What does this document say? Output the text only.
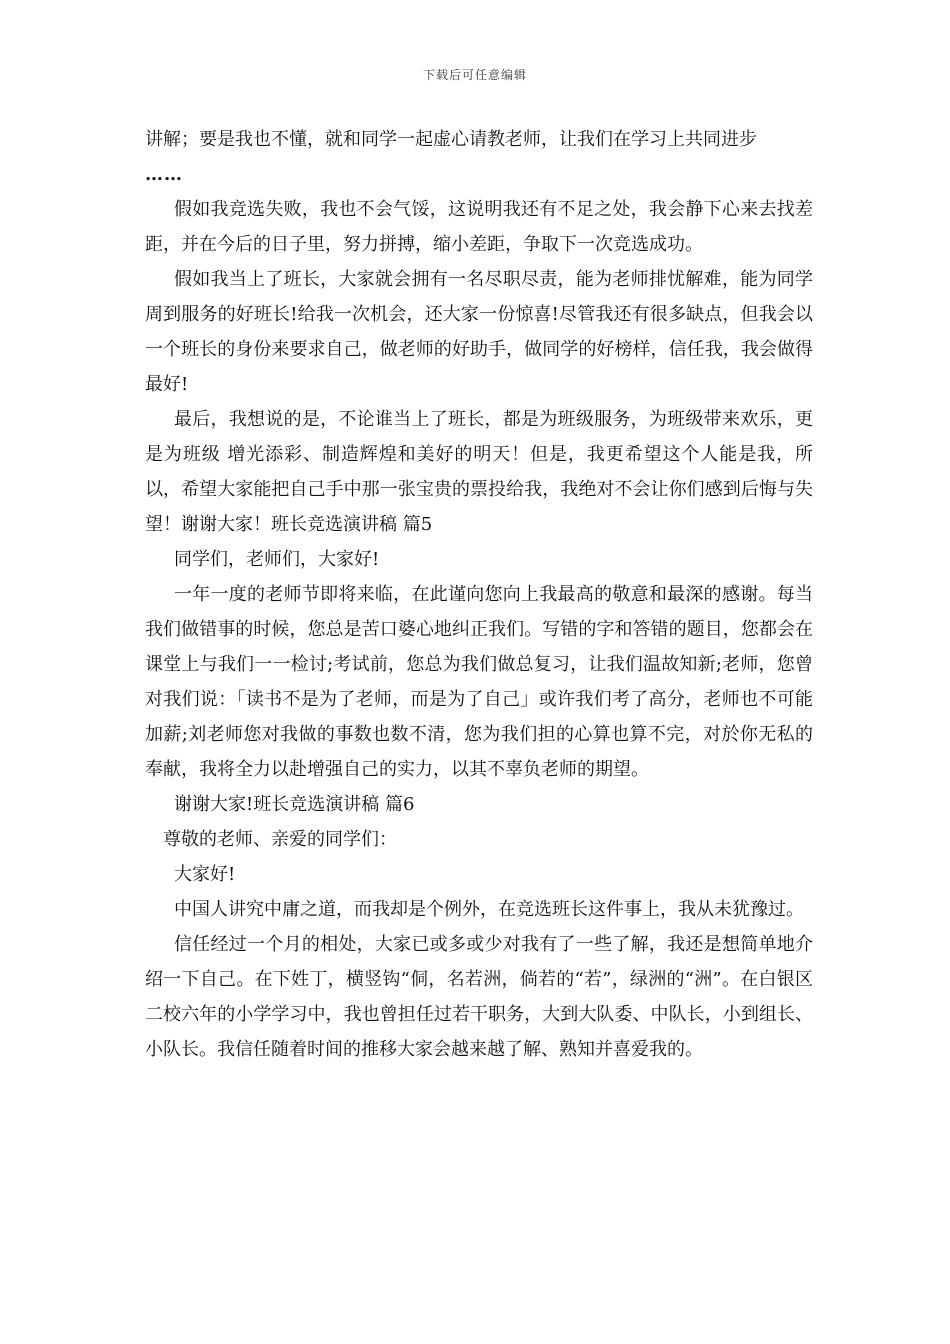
下载后可任意编辑

讲解；要是我也不懂，就和同学一起虚心请教老师，让我们在学习上共同进步

……

假如我竞选失败，我也不会气馁，这说明我还有不足之处，我会静下心来去找差距，并在今后的日子里，努力拼搏，缩小差距，争取下一次竞选成功。

假如我当上了班长，大家就会拥有一名尽职尽责，能为老师排忧解难，能为同学周到服务的好班长!给我一次机会，还大家一份惊喜!尽管我还有很多缺点，但我会以一个班长的身份来要求自己，做老师的好助手，做同学的好榜样，信任我，我会做得最好!

最后，我想说的是，不论谁当上了班长，都是为班级服务，为班级带来欢乐，更是为班级 增光添彩、制造辉煌和美好的明天！但是，我更希望这个人能是我，所以，希望大家能把自己手中那一张宝贵的票投给我，我绝对不会让你们感到后悔与失望！谢谢大家！班长竞选演讲稿 篇5

同学们，老师们，大家好!

一年一度的老师节即将来临，在此谨向您向上我最高的敬意和最深的感谢。每当我们做错事的时候，您总是苦口婆心地纠正我们。写错的字和答错的题目，您都会在课堂上与我们一一检讨;考试前，您总为我们做总复习，让我们温故知新;老师，您曾对我们说：「读书不是为了老师，而是为了自己」或许我们考了高分，老师也不可能加薪;刘老师您对我做的事数也数不清，您为我们担的心算也算不完，对於你无私的奉献，我将全力以赴增强自己的实力，以其不辜负老师的期望。

谢谢大家!班长竞选演讲稿 篇6

尊敬的老师、亲爱的同学们：

大家好!

中国人讲究中庸之道，而我却是个例外，在竞选班长这件事上，我从未犹豫过。

信任经过一个月的相处，大家已或多或少对我有了一些了解，我还是想简单地介绍一下自己。在下姓丁，横竖钩“侗，名若洲，倘若的“若”，绿洲的“洲”。在白银区二校六年的小学学习中，我也曾担任过若干职务，大到大队委、中队长，小到组长、小队长。我信任随着时间的推移大家会越来越了解、熟知并喜爱我的。
